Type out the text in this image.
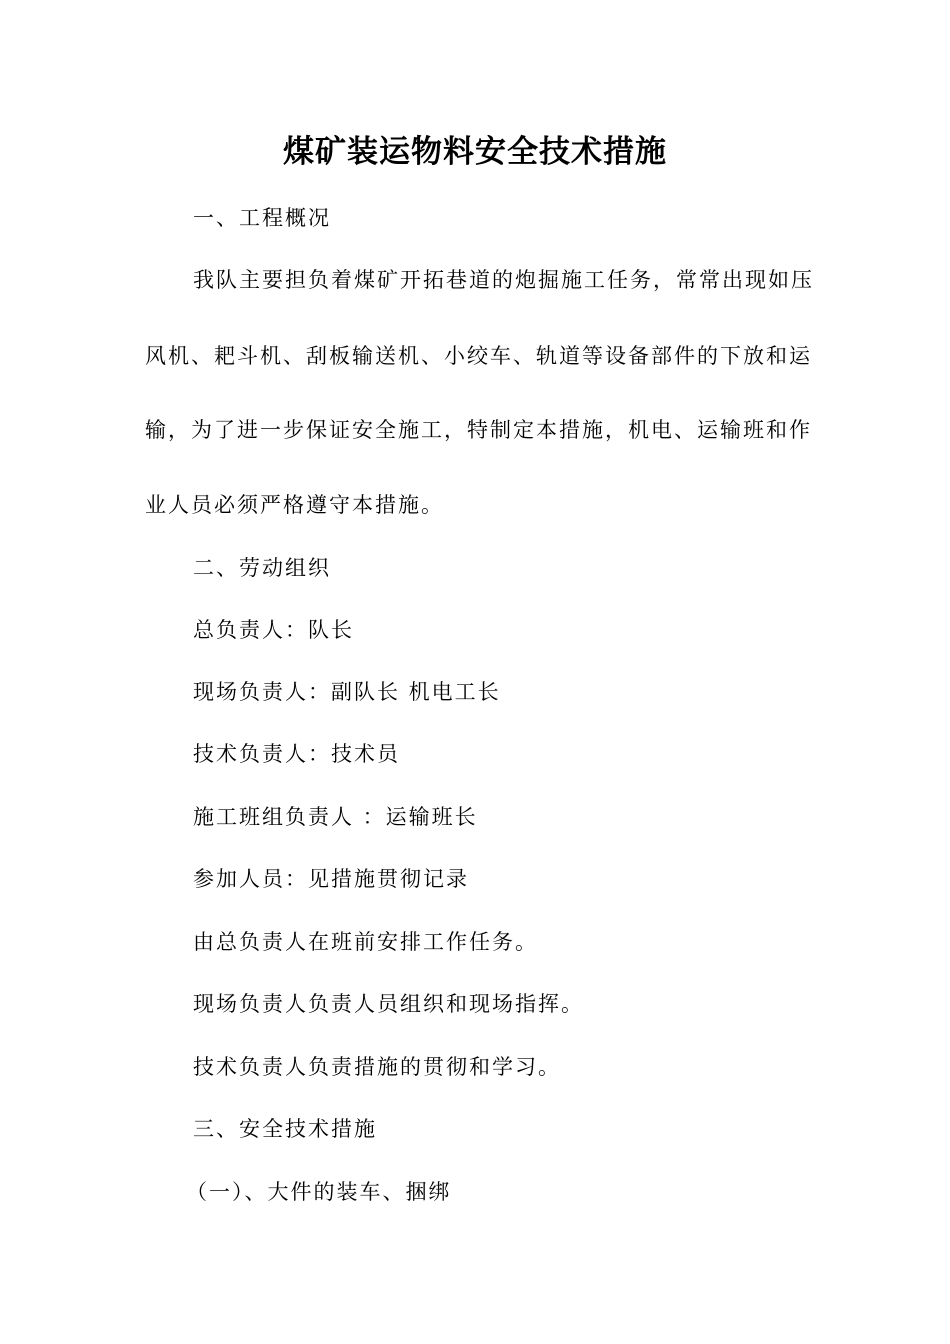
煤矿装运物料安全技术措施
一、工程概况
我队主要担负着煤矿开拓巷道的炮掘施工任务，常常出现如压
风机、耙斗机、刮板输送机、小绞车、轨道等设备部件的下放和运
输，为了进一步保证安全施工，特制定本措施，机电、运输班和作
业人员必须严格遵守本措施。
二、劳动组织
总负责人：队长
现场负责人：副队长 机电工长
技术负责人：技术员
施工班组负责人 ：运输班长
参加人员：见措施贯彻记录
由总负责人在班前安排工作任务。
现场负责人负责人员组织和现场指挥。
技术负责人负责措施的贯彻和学习。
三、安全技术措施
（一）、大件的装车、捆绑
